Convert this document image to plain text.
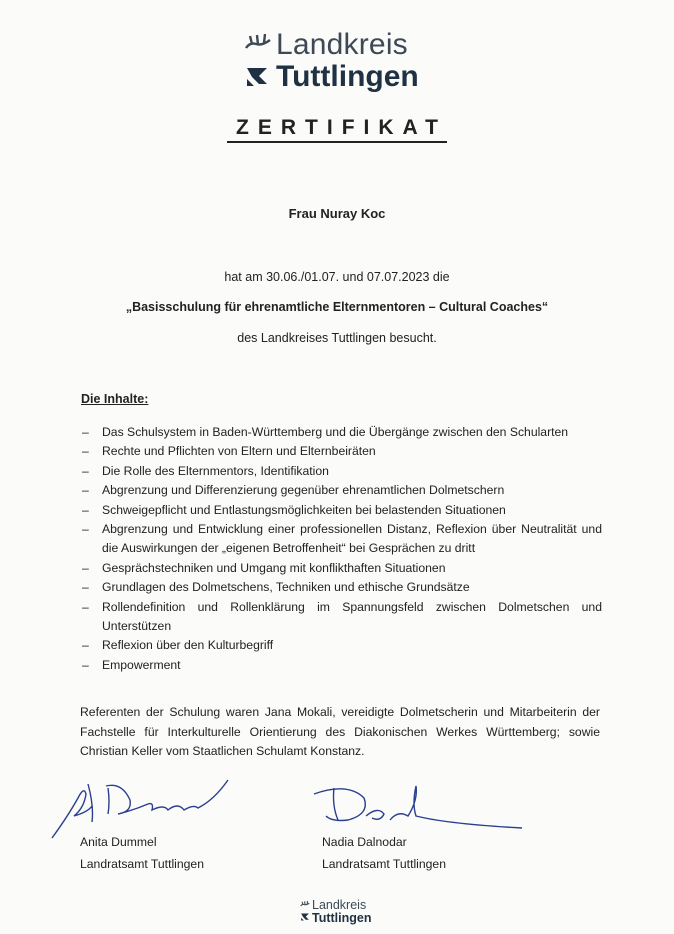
Landkreis
Tuttlingen
ZERTIFIKAT
Frau Nuray Koc
hat am 30.06./01.07. und 07.07.2023 die
„Basisschulung für ehrenamtliche Elternmentoren – Cultural Coaches“
des Landkreises Tuttlingen besucht.
Die Inhalte:
– Das Schulsystem in Baden-Württemberg und die Übergänge zwischen den Schularten
– Rechte und Pflichten von Eltern und Elternbeiräten
– Die Rolle des Elternmentors, Identifikation
– Abgrenzung und Differenzierung gegenüber ehrenamtlichen Dolmetschern
– Schweigepflicht und Entlastungsmöglichkeiten bei belastenden Situationen
– Abgrenzung und Entwicklung einer professionellen Distanz, Reflexion über Neutralität und die Auswirkungen der „eigenen Betroffenheit“ bei Gesprächen zu dritt
– Gesprächstechniken und Umgang mit konflikthaften Situationen
– Grundlagen des Dolmetschens, Techniken und ethische Grundsätze
– Rollendefinition und Rollenklärung im Spannungsfeld zwischen Dolmetschen und Unterstützen
– Reflexion über den Kulturbegriff
– Empowerment
Referenten der Schulung waren Jana Mokali, vereidigte Dolmetscherin und Mitarbeiterin der Fachstelle für Interkulturelle Orientierung des Diakonischen Werkes Württemberg; sowie Christian Keller vom Staatlichen Schulamt Konstanz.
Anita Dummel
Landratsamt Tuttlingen
Nadia Dalnodar
Landratsamt Tuttlingen
Landkreis
Tuttlingen
